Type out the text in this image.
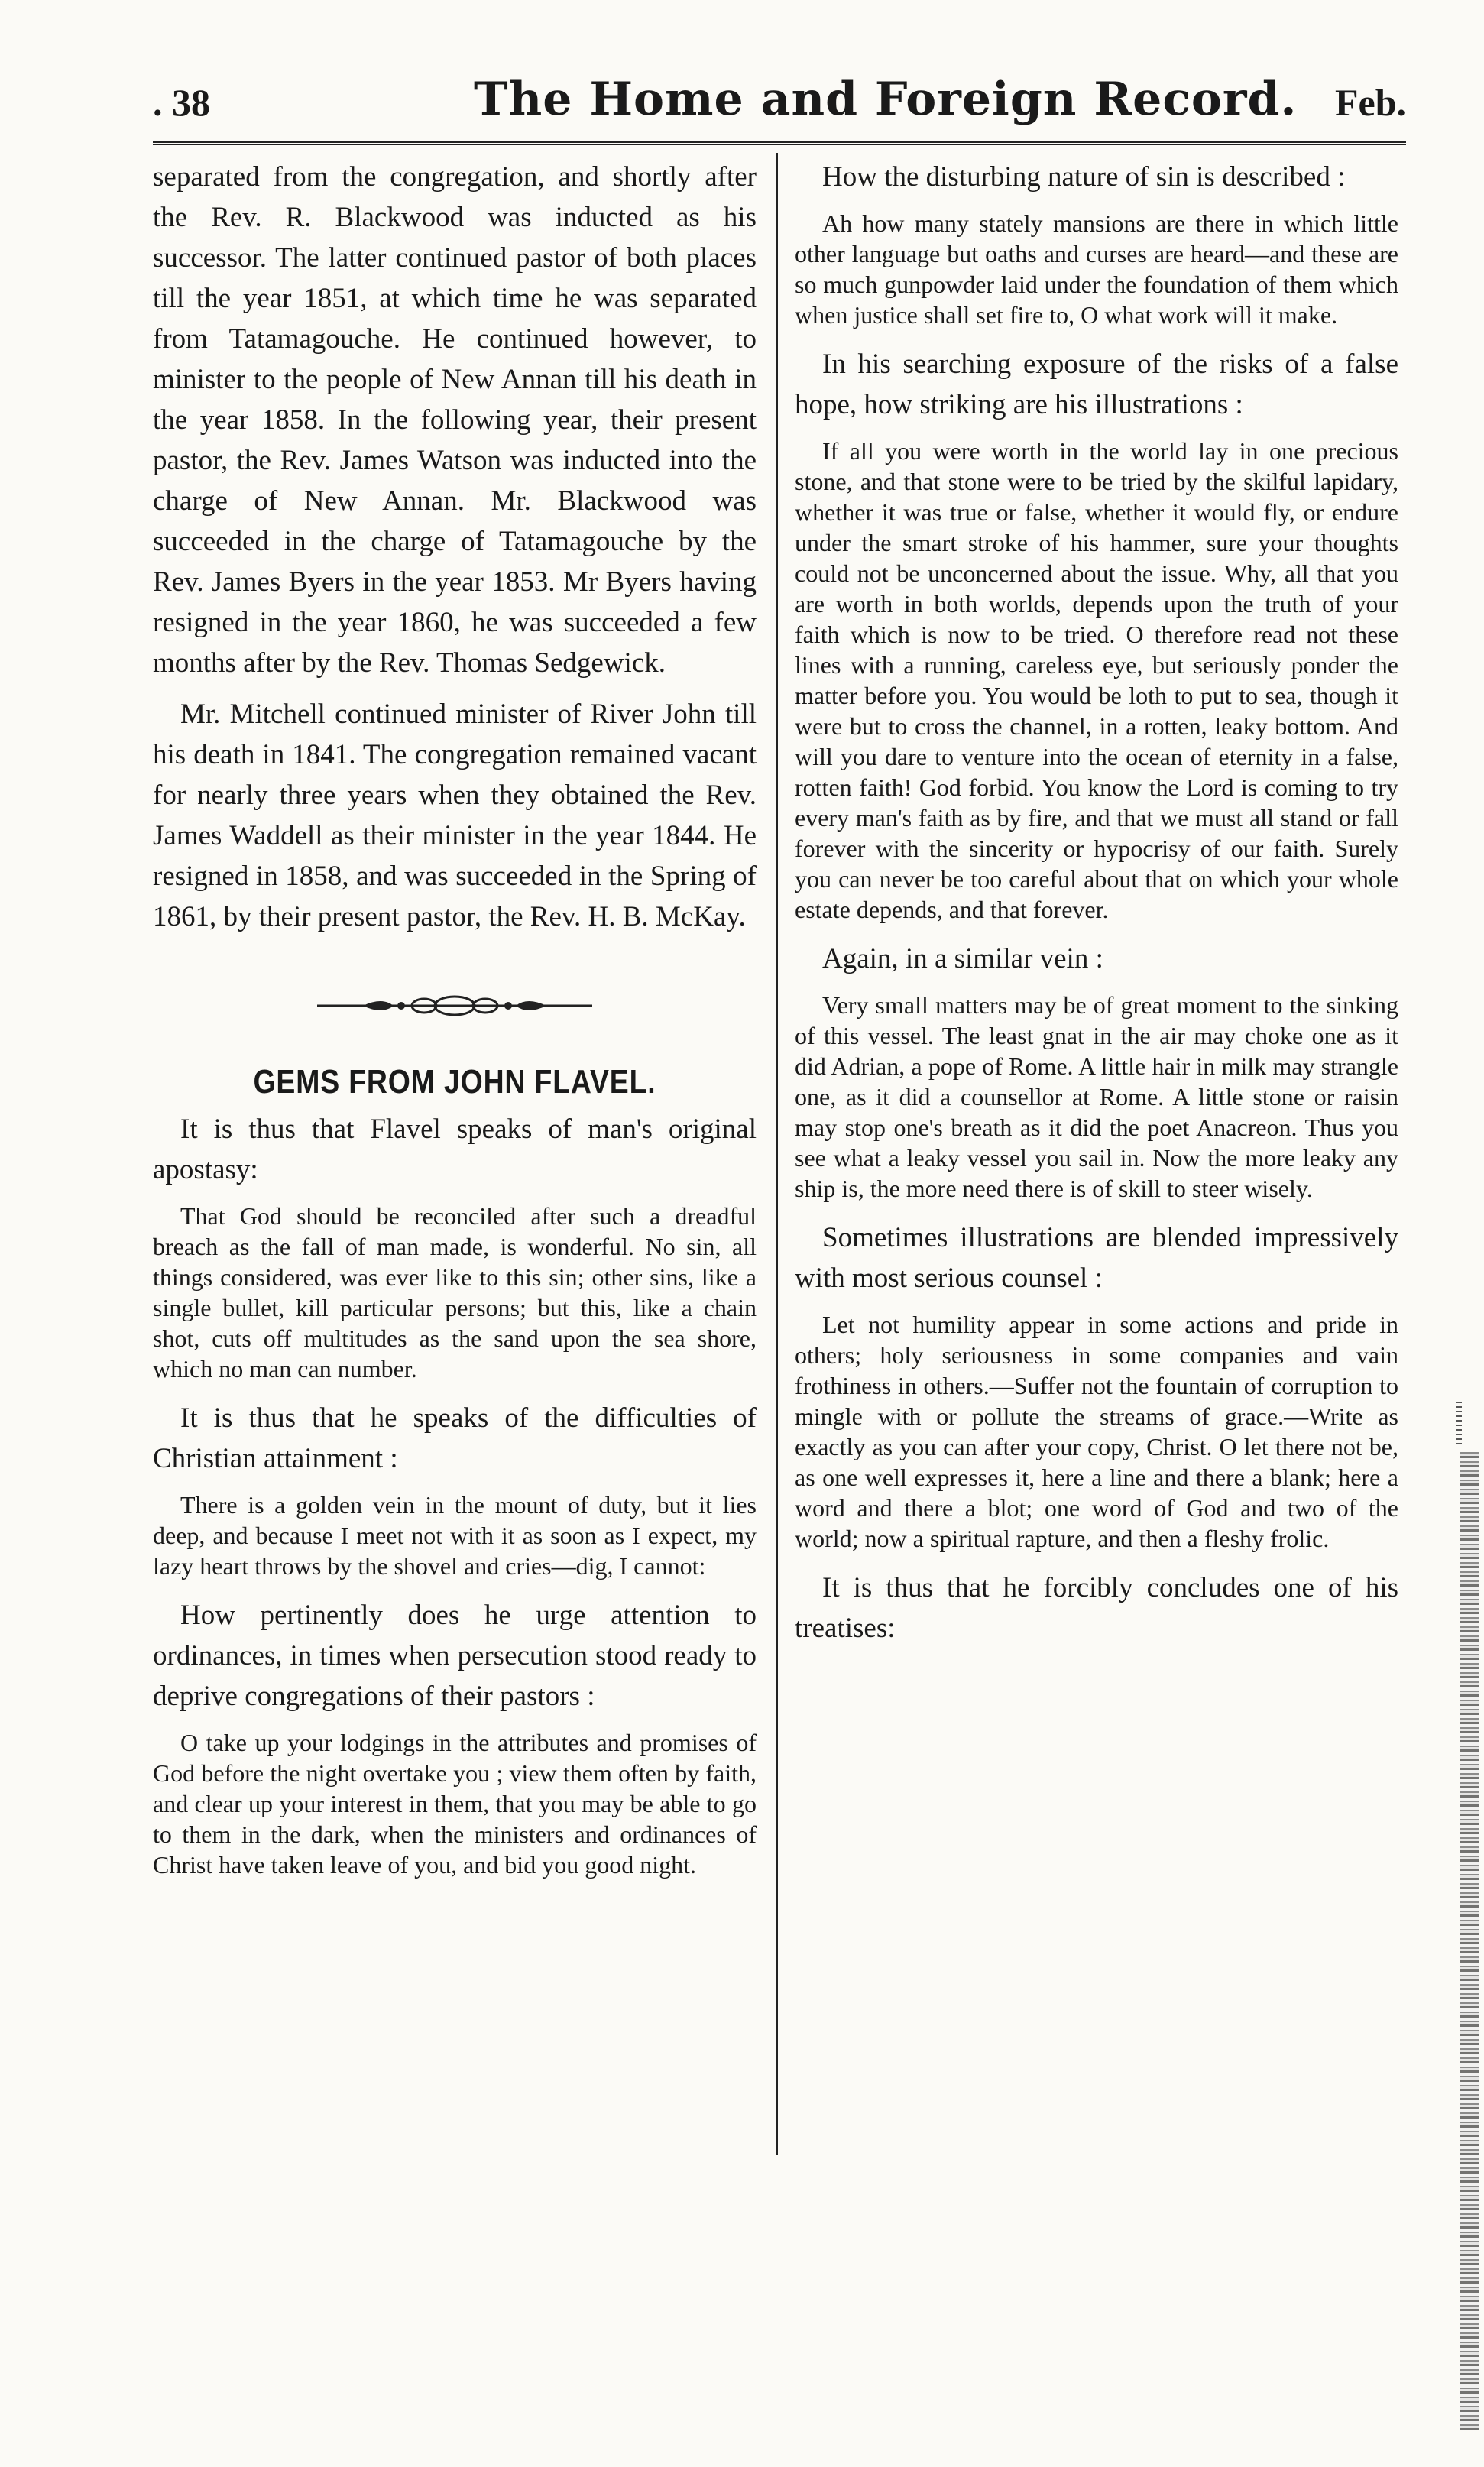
. 38	The Home and Foreign Record. Feb.

separated from the congregation, and shortly after the Rev. R. Blackwood was inducted as his successor. The latter continued pastor of both places till the year 1851, at which time he was separated from Tatamagouche. He continued however, to minister to the people of New Annan till his death in the year 1858. In the following year, their present pastor, the Rev. James Watson was inducted into the charge of New Annan. Mr. Blackwood was succeeded in the charge of Tatamagouche by the Rev. James Byers in the year 1853. Mr Byers having resigned in the year 1860, he was succeeded a few months after by the Rev. Thomas Sedgewick.

Mr. Mitchell continued minister of River John till his death in 1841. The congregation remained vacant for nearly three years when they obtained the Rev. James Waddell as their minister in the year 1844. He resigned in 1858, and was succeeded in the Spring of 1861, by their present pastor, the Rev. H. B. McKay.

GEMS FROM JOHN FLAVEL.

It is thus that Flavel speaks of man's original apostasy:

That God should be reconciled after such a dreadful breach as the fall of man made, is wonderful. No sin, all things considered, was ever like to this sin; other sins, like a single bullet, kill particular persons; but this, like a chain shot, cuts off multitudes as the sand upon the sea shore, which no man can number.

It is thus that he speaks of the difficulties of Christian attainment :

There is a golden vein in the mount of duty, but it lies deep, and because I meet not with it as soon as I expect, my lazy heart throws by the shovel and cries—dig, I cannot:

How pertinently does he urge attention to ordinances, in times when persecution stood ready to deprive congregations of their pastors :

O take up your lodgings in the attributes and promises of God before the night overtake you ; view them often by faith, and clear up your interest in them, that you may be able to go to them in the dark, when the ministers and ordinances of Christ have taken leave of you, and bid you good night.

How the disturbing nature of sin is described :

Ah how many stately mansions are there in which little other language but oaths and curses are heard—and these are so much gunpowder laid under the foundation of them which when justice shall set fire to, O what work will it make.

In his searching exposure of the risks of a false hope, how striking are his illustrations :

If all you were worth in the world lay in one precious stone, and that stone were to be tried by the skilful lapidary, whether it was true or false, whether it would fly, or endure under the smart stroke of his hammer, sure your thoughts could not be unconcerned about the issue. Why, all that you are worth in both worlds, depends upon the truth of your faith which is now to be tried. O therefore read not these lines with a running, careless eye, but seriously ponder the matter before you. You would be loth to put to sea, though it were but to cross the channel, in a rotten, leaky bottom. And will you dare to venture into the ocean of eternity in a false, rotten faith! God forbid. You know the Lord is coming to try every man's faith as by fire, and that we must all stand or fall forever with the sincerity or hypocrisy of our faith. Surely you can never be too careful about that on which your whole estate depends, and that forever.

Again, in a similar vein :

Very small matters may be of great moment to the sinking of this vessel. The least gnat in the air may choke one as it did Adrian, a pope of Rome. A little hair in milk may strangle one, as it did a counsellor at Rome. A little stone or raisin may stop one's breath as it did the poet Anacreon. Thus you see what a leaky vessel you sail in. Now the more leaky any ship is, the more need there is of skill to steer wisely.

Sometimes illustrations are blended impressively with most serious counsel :

Let not humility appear in some actions and pride in others; holy seriousness in some companies and vain frothiness in others.—Suffer not the fountain of corruption to mingle with or pollute the streams of grace.—Write as exactly as you can after your copy, Christ. O let there not be, as one well expresses it, here a line and there a blank; here a word and there a blot; one word of God and two of the world; now a spiritual rapture, and then a fleshy frolic.

It is thus that he forcibly concludes one of his treatises:
